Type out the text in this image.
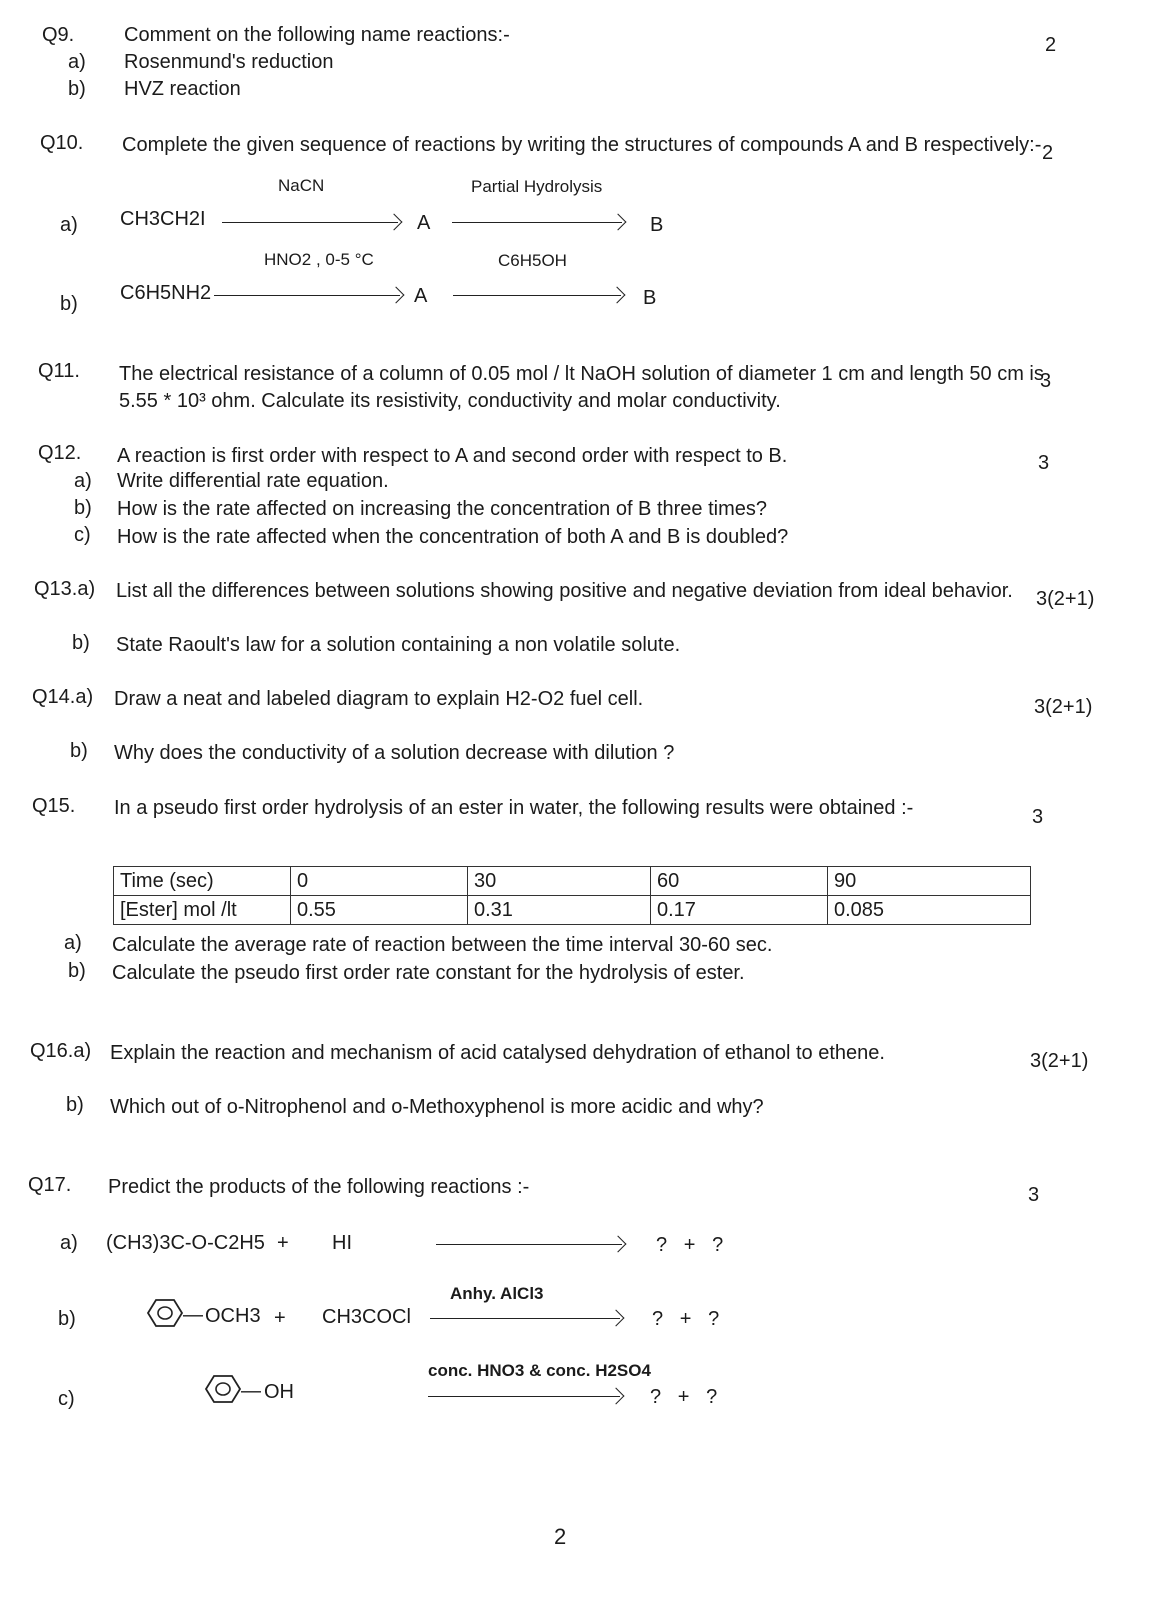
Q9. Comment on the following name reactions:-	2
a) Rosenmund's reduction
b) HVZ reaction
Q10. Complete the given sequence of reactions by writing the structures of compounds A and B respectively:- 2
NaCN	Partial Hydrolysis
a) CH3CH2I	A	B
HNO2 , 0-5 °C	C6H5OH
b) C6H5NH2	A	B
Q11. The electrical resistance of a column of 0.05 mol / lt NaOH solution of diameter 1 cm and length 50 cm is
5.55 * 10³ ohm. Calculate its resistivity, conductivity and molar conductivity.
3
Q12. A reaction is first order with respect to A and second order with respect to B.	3
a) Write differential rate equation.
b) How is the rate affected on increasing the concentration of B three times?
c) How is the rate affected when the concentration of both A and B is doubled?
Q13.a) List all the differences between solutions showing positive and negative deviation from ideal behavior. 3(2+1)
b) State Raoult's law for a solution containing a non volatile solute.
Q14.a) Draw a neat and labeled diagram to explain H2-O2 fuel cell.	3(2+1)
b) Why does the conductivity of a solution decrease with dilution ?
Q15. In a pseudo first order hydrolysis of an ester in water, the following results were obtained :-	3
Time (sec)	0	30	60	90
[Ester] mol /lt	0.55	0.31	0.17	0.085
a) Calculate the average rate of reaction between the time interval 30-60 sec.
b) Calculate the pseudo first order rate constant for the hydrolysis of ester.
Q16.a) Explain the reaction and mechanism of acid catalysed dehydration of ethanol to ethene.	3(2+1)
b) Which out of o-Nitrophenol and o-Methoxyphenol is more acidic and why?
Q17. Predict the products of the following reactions :-	3
a) (CH3)3C-O-C2H5 + HI	?   +   ?
Anhy. AlCl3
b)	— OCH3 + CH3COCl	?   +   ?
conc. HNO3 & conc. H2SO4
c)	— OH	?   +   ?
2
